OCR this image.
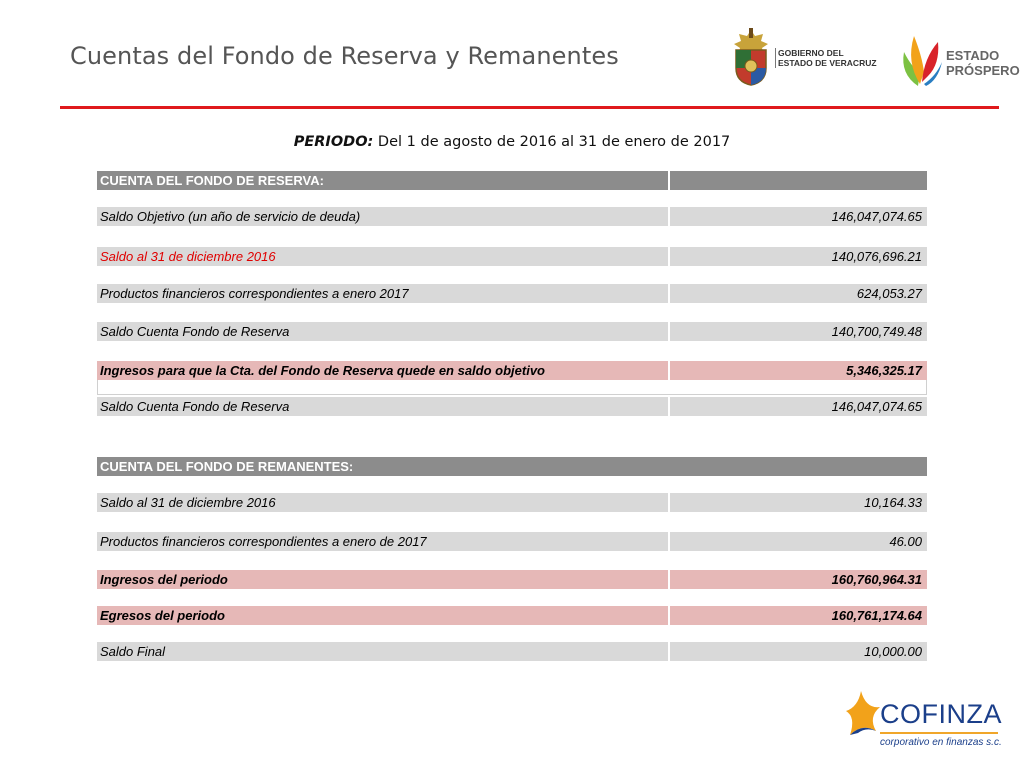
Cuentas del Fondo de Reserva y Remanentes	GOBIERNO DEL
ESTADO DE VERACRUZ	ESTADO
PRÓSPERO
PERIODO: Del 1 de agosto de 2016 al 31 de enero de 2017
CUENTA DEL FONDO DE RESERVA:
Saldo Objetivo (un año de servicio de deuda)	146,047,074.65
Saldo al 31 de diciembre 2016	140,076,696.21
Productos financieros correspondientes a enero 2017	624,053.27
Saldo Cuenta Fondo de Reserva	140,700,749.48
Ingresos para que la Cta. del Fondo de Reserva quede en saldo objetivo	5,346,325.17
Saldo Cuenta Fondo de Reserva	146,047,074.65
CUENTA DEL FONDO DE REMANENTES:
Saldo al 31 de diciembre 2016	10,164.33
Productos financieros correspondientes a enero de 2017	46.00
Ingresos del periodo	160,760,964.31
Egresos del periodo	160,761,174.64
Saldo Final	10,000.00
COFINZA
corporativo en finanzas s.c.
